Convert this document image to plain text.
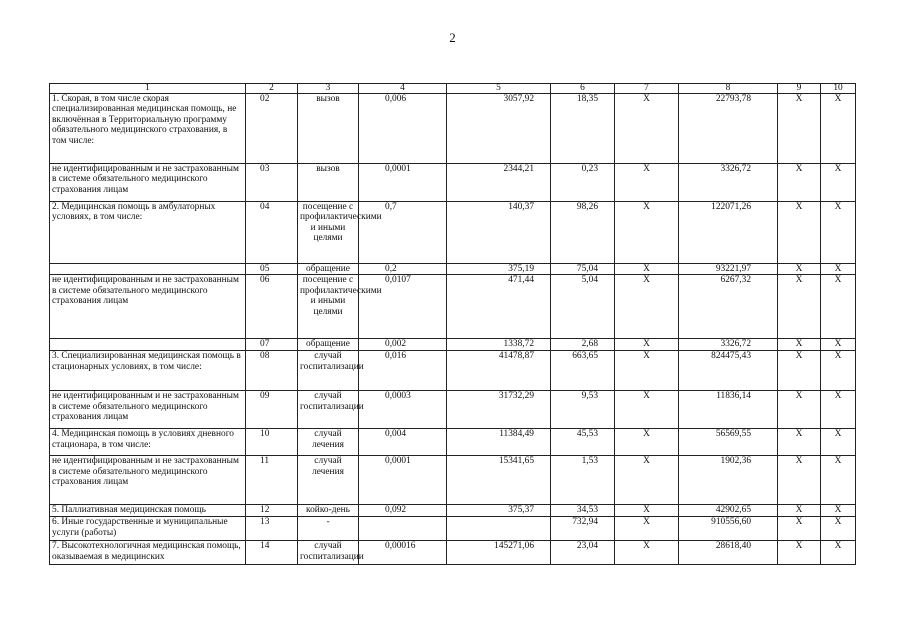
2
1	2	3	4	5	6	7	8	9	10
1. Скорая, в том числе скорая специализированная медицинская помощь, не включённая в Территориальную программу обязательного медицинского страхования, в том числе:	02	вызов	0,006	3057,92	18,35	X	22793,78	X	X
не идентифицированным и не застрахованным в системе обязательного медицинского страхования лицам	03	вызов	0,0001	2344,21	0,23	X	3326,72	X	X
2. Медицинская помощь в амбулаторных условиях, в том числе:	04	посещение с профилактическими и иными целями	0,7	140,37	98,26	X	122071,26	X	X
	05	обращение	0,2	375,19	75,04	X	93221,97	X	X
не идентифицированным и не застрахованным в системе обязательного медицинского страхования лицам	06	посещение с профилактическими и иными целями	0,0107	471,44	5,04	X	6267,32	X	X
	07	обращение	0,002	1338,72	2,68	X	3326,72	X	X
3. Специализированная медицинская помощь в стационарных условиях, в том числе:	08	случай госпитализации	0,016	41478,87	663,65	X	824475,43	X	X
не идентифицированным и не застрахованным в системе обязательного медицинского страхования лицам	09	случай госпитализации	0,0003	31732,29	9,53	X	11836,14	X	X
4. Медицинская помощь в условиях дневного стационара, в том числе:	10	случай лечения	0,004	11384,49	45,53	X	56569,55	X	X
не идентифицированным и не застрахованным в системе обязательного медицинского страхования лицам	11	случай лечения	0,0001	15341,65	1,53	X	1902,36	X	X
5. Паллиативная медицинская помощь	12	койко-день	0,092	375,37	34,53	X	42902,65	X	X
6. Иные государственные и муниципальные услуги (работы)	13	-			732,94	X	910556,60	X	X
7. Высокотехнологичная медицинская помощь, оказываемая в медицинских	14	случай госпитализации	0,00016	145271,06	23,04	X	28618,40	X	X
